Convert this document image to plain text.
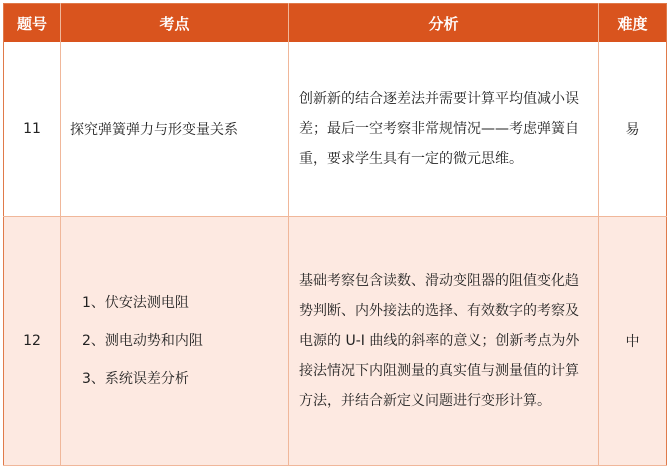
题号	考点	分析	难度
11	探究弹簧弹力与形变量关系	创新新的结合逐差法并需要计算平均值减小误差；最后一空考察非常规情况——考虑弹簧自重，要求学生具有一定的微元思维。	易
12	1、伏安法测电阻
2、测电动势和内阻
3、系统误差分析	基础考察包含读数、滑动变阻器的阻值变化趋势判断、内外接法的选择、有效数字的考察及电源的 U-I 曲线的斜率的意义；创新考点为外接法情况下内阻测量的真实值与测量值的计算方法，并结合新定义问题进行变形计算。	中
